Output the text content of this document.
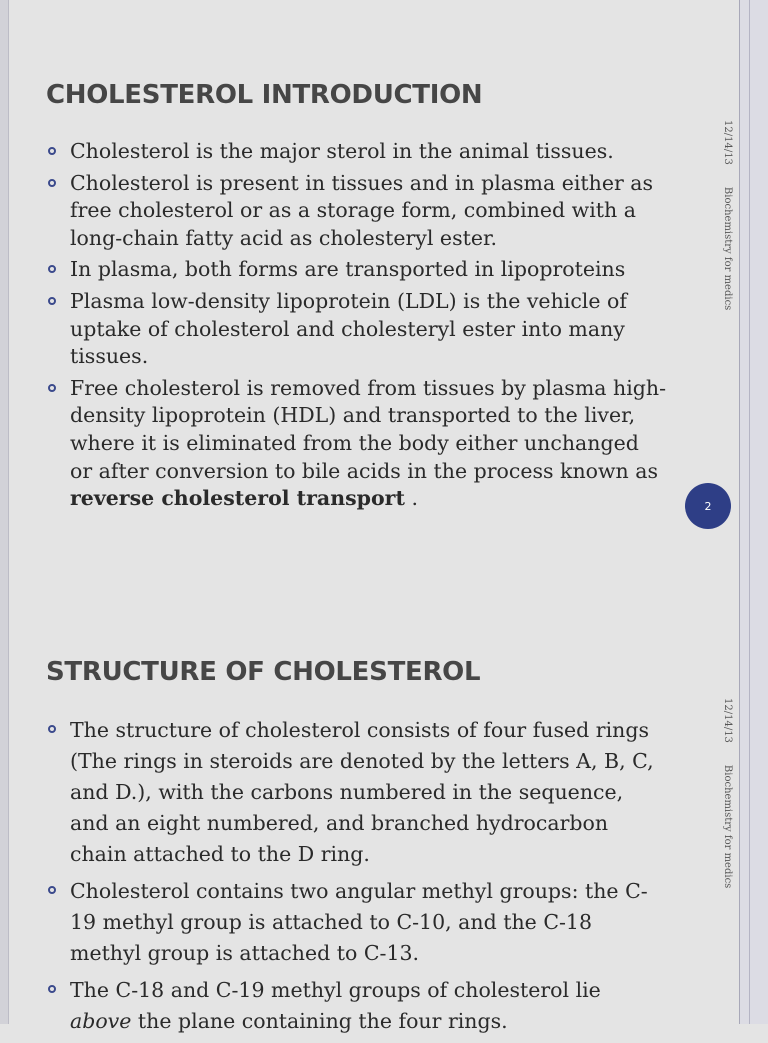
CHOLESTEROL INTRODUCTION
Cholesterol is the major sterol in the animal tissues.
Cholesterol is present in tissues and in plasma either as free cholesterol or as a storage form, combined with a long-chain fatty acid as cholesteryl ester.
In plasma, both forms are transported in lipoproteins
Plasma low-density lipoprotein (LDL) is the vehicle of uptake of cholesterol and cholesteryl ester into many tissues.
Free cholesterol is removed from tissues by plasma high-density lipoprotein (HDL) and transported to the liver, where it is eliminated from the body either unchanged or after conversion to bile acids in the process known as reverse cholesterol transport .
12/14/13Biochemistry for medics
2
STRUCTURE OF CHOLESTEROL
The structure of cholesterol consists of four fused rings (The rings in steroids are denoted by the letters A, B, C, and D.), with the carbons numbered in the sequence, and an eight numbered, and branched hydrocarbon chain attached to the D ring.
Cholesterol contains two angular methyl groups: the C-19 methyl group is attached to C-10, and the C-18 methyl group is attached to C-13.
The C-18 and C-19 methyl groups of cholesterol lie above the plane containing the four rings.
12/14/13Biochemistry for medics
